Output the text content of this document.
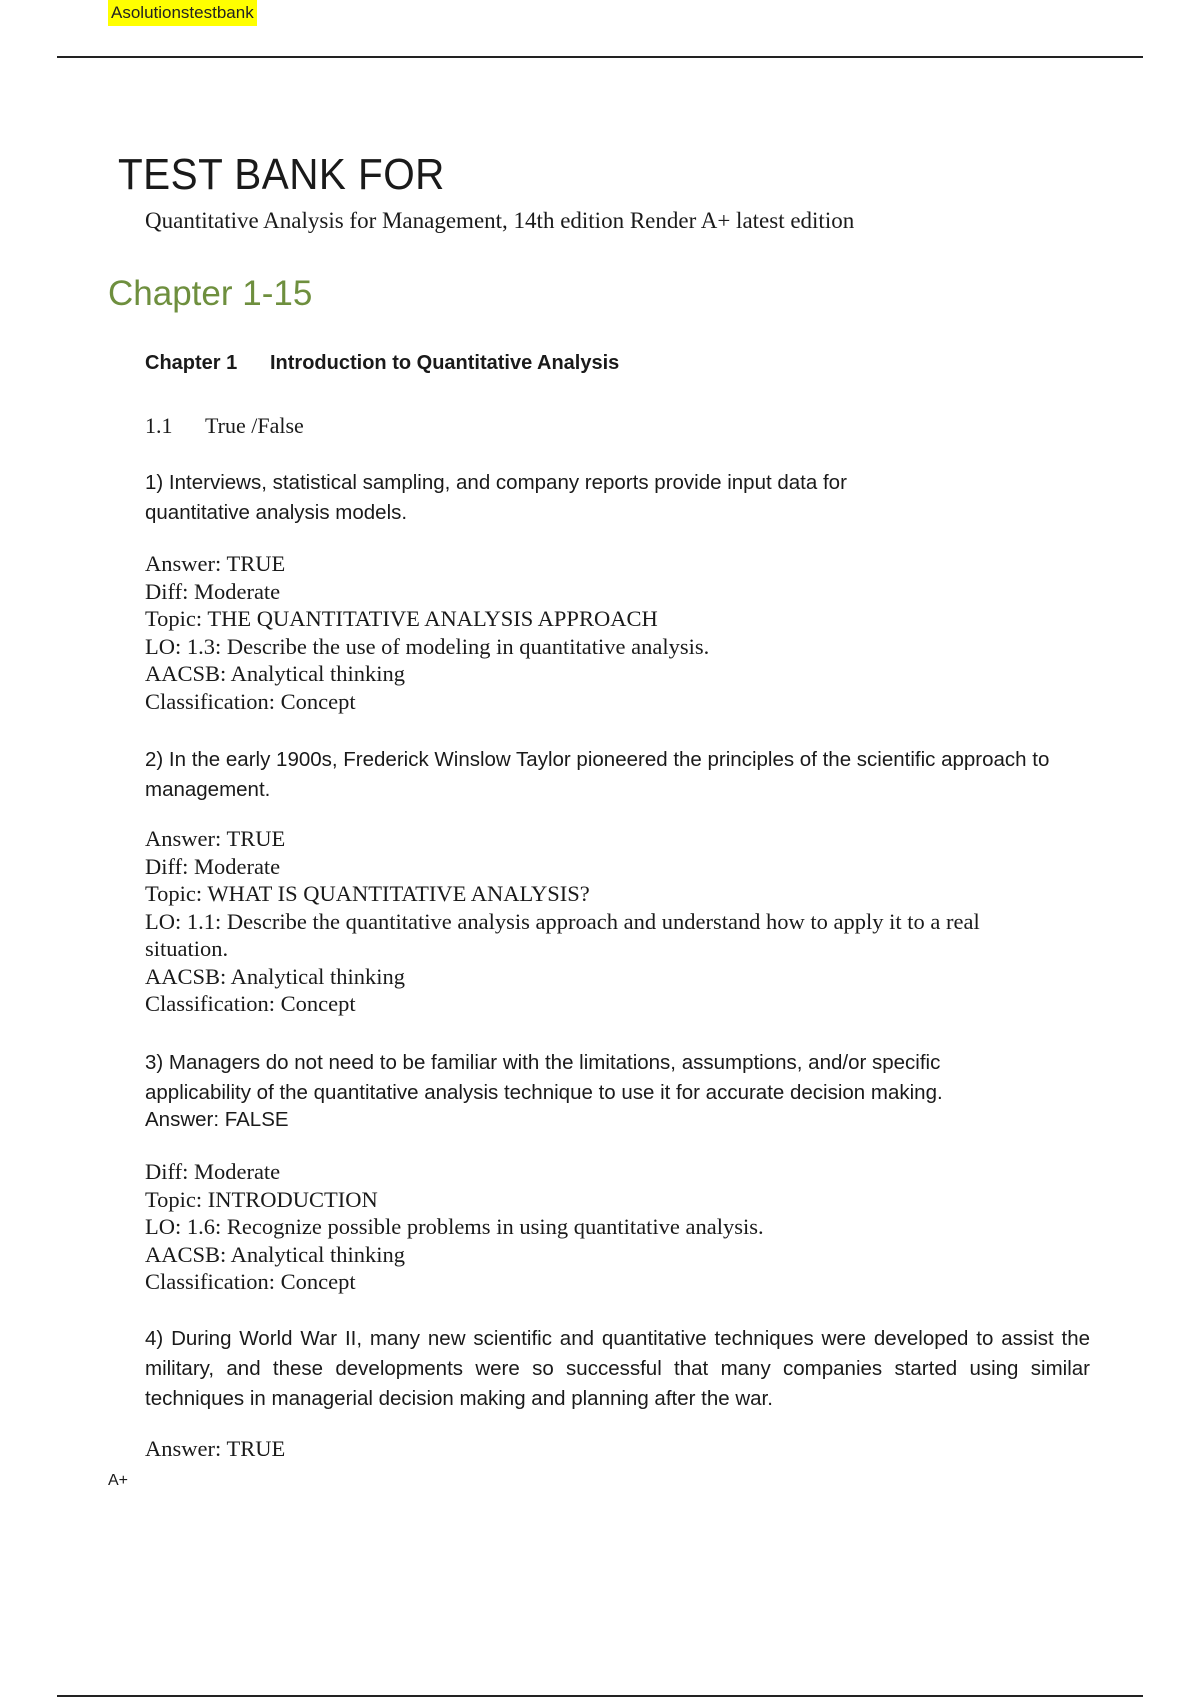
Asolutionstestbank
TEST BANK FOR
Quantitative Analysis for Management, 14th edition Render A+ latest edition
Chapter 1-15
Chapter 1 Introduction to Quantitative Analysis
1.1 True /False
1) Interviews, statistical sampling, and company reports provide input data for quantitative analysis models.
Answer: TRUE
Diff: Moderate
Topic: THE QUANTITATIVE ANALYSIS APPROACH
LO: 1.3: Describe the use of modeling in quantitative analysis.
AACSB: Analytical thinking
Classification: Concept
2) In the early 1900s, Frederick Winslow Taylor pioneered the principles of the scientific approach to management.
Answer: TRUE
Diff: Moderate
Topic: WHAT IS QUANTITATIVE ANALYSIS?
LO: 1.1: Describe the quantitative analysis approach and understand how to apply it to a real situation.
AACSB: Analytical thinking
Classification: Concept
3) Managers do not need to be familiar with the limitations, assumptions, and/or specific applicability of the quantitative analysis technique to use it for accurate decision making.
Answer: FALSE
Diff: Moderate
Topic: INTRODUCTION
LO: 1.6: Recognize possible problems in using quantitative analysis.
AACSB: Analytical thinking
Classification: Concept
4) During World War II, many new scientific and quantitative techniques were developed to assist the military, and these developments were so successful that many companies started using similar techniques in managerial decision making and planning after the war.
Answer: TRUE
A+
